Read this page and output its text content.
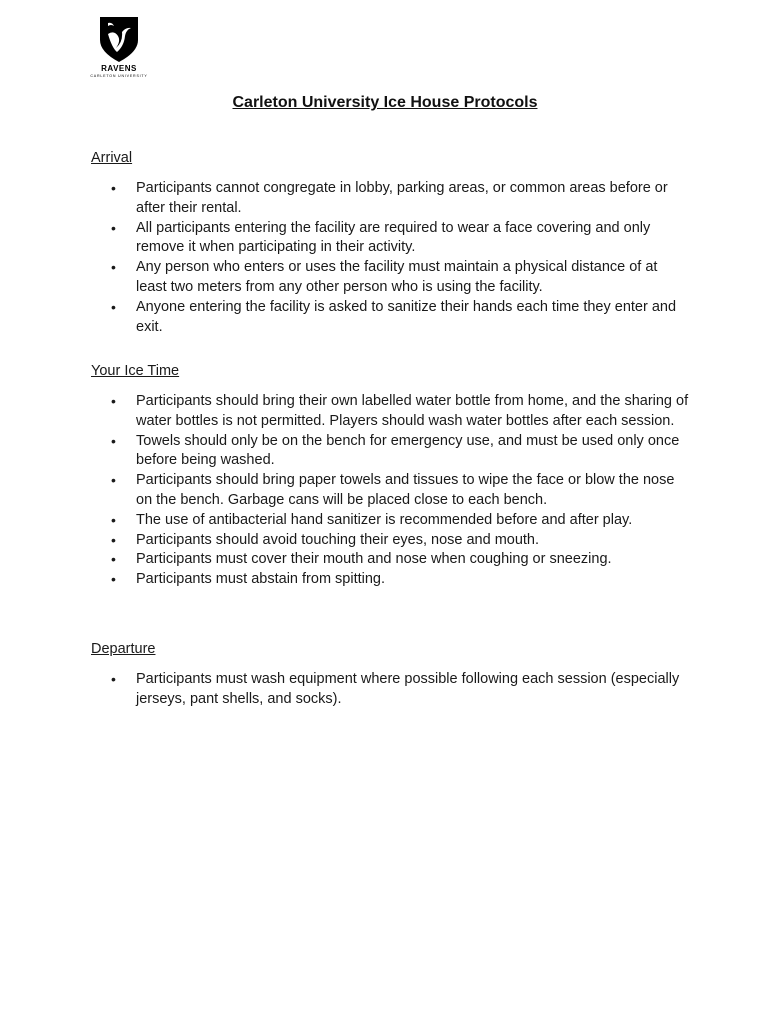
RAVENS
CARLETON UNIVERSITY
Carleton University Ice House Protocols
Arrival
• Participants cannot congregate in lobby, parking areas, or common areas before or after their rental.
• All participants entering the facility are required to wear a face covering and only remove it when participating in their activity.
• Any person who enters or uses the facility must maintain a physical distance of at least two meters from any other person who is using the facility.
• Anyone entering the facility is asked to sanitize their hands each time they enter and exit.
Your Ice Time
• Participants should bring their own labelled water bottle from home, and the sharing of water bottles is not permitted. Players should wash water bottles after each session.
• Towels should only be on the bench for emergency use, and must be used only once before being washed.
• Participants should bring paper towels and tissues to wipe the face or blow the nose on the bench. Garbage cans will be placed close to each bench.
• The use of antibacterial hand sanitizer is recommended before and after play.
• Participants should avoid touching their eyes, nose and mouth.
• Participants must cover their mouth and nose when coughing or sneezing.
• Participants must abstain from spitting.
Departure
• Participants must wash equipment where possible following each session (especially jerseys, pant shells, and socks).
